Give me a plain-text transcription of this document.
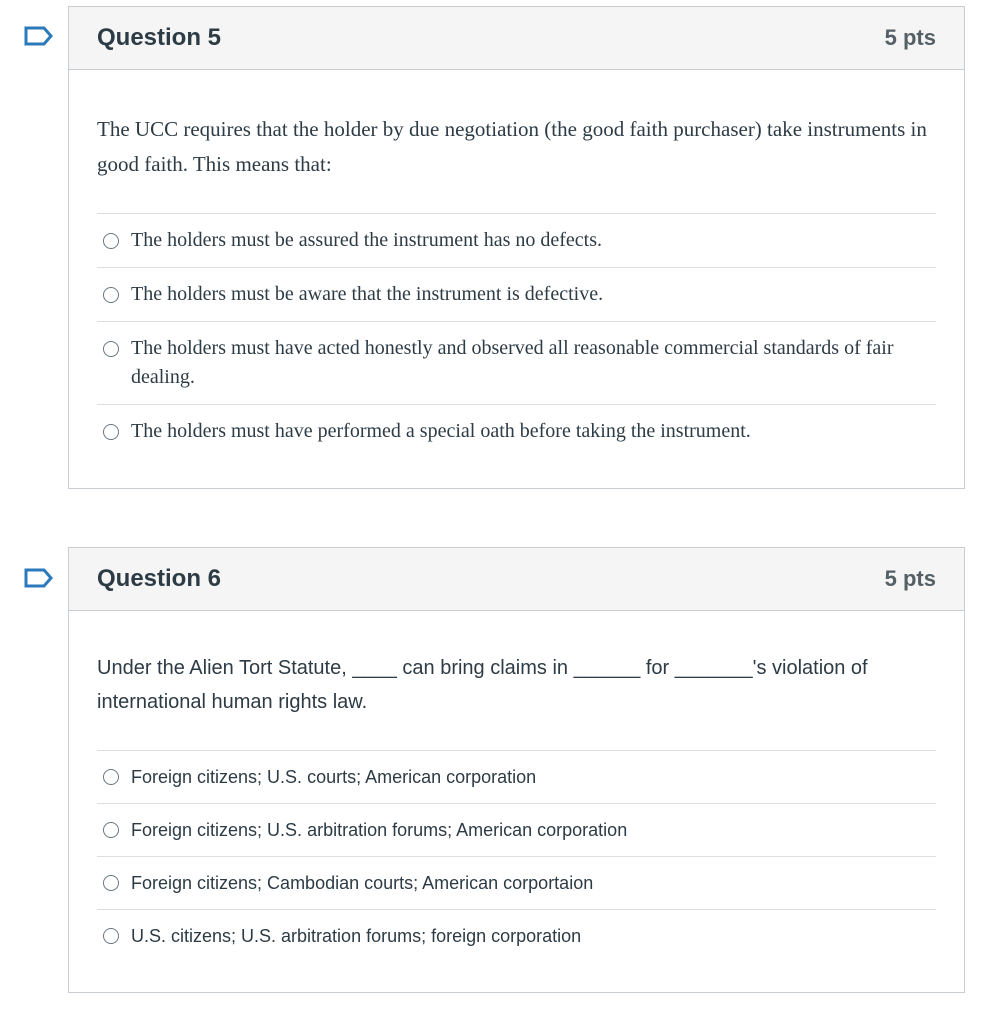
Question 5	5 pts

The UCC requires that the holder by due negotiation (the good faith purchaser) take instruments in good faith. This means that:

The holders must be assured the instrument has no defects.
The holders must be aware that the instrument is defective.
The holders must have acted honestly and observed all reasonable commercial standards of fair dealing.
The holders must have performed a special oath before taking the instrument.
Question 6	5 pts

Under the Alien Tort Statute, ____ can bring claims in ______ for _______'s violation of international human rights law.

Foreign citizens; U.S. courts; American corporation
Foreign citizens; U.S. arbitration forums; American corporation
Foreign citizens; Cambodian courts; American corportaion
U.S. citizens; U.S. arbitration forums; foreign corporation
